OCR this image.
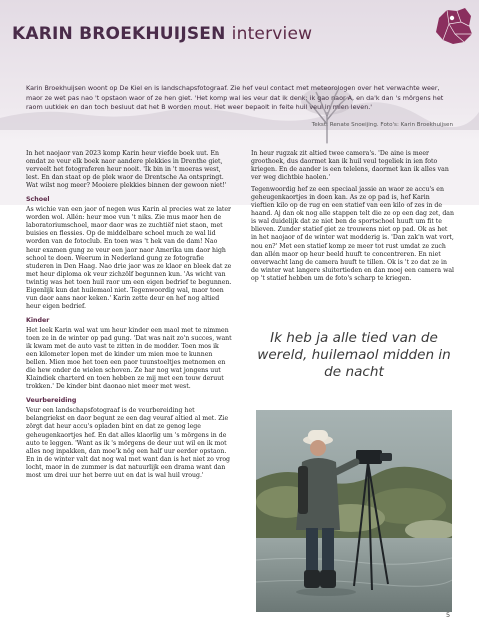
KARIN BROEKHUIJSEN interview
Karin Broekhuijsen woont op De Kiel en is landschapsfotograaf. Zie hef veul contact met meteorologen over het verwachte weer, maor ze wet pas nao 't opstaon waor of ze hen giet. 'Het komp wal ies veur dat ik denk: ik gao naor A, en da'k dan 's mörgens het raom uutkiek en dan toch besluut dat het B worden mout. Het weer bepaolt in feite huil veul in mien leven.'
Tekst: Renate Snoeijing. Foto's: Karin Broekhuijsen

In het naojaor van 2023 komp Karin heur viefde boek uut. En omdat ze veur elk boek naor aandere plekkies in Drenthe giet, verveelt het fotograferen heur nooit. 'Ik bin in 't moeras west, lest. En dan staat op de plek waor de Drentsche Aa ontspringt. Wat wilst nog meer? Mooiere plekkies binnen der gewoon niet!'

Schoel

As wichie van een jaor of negen wus Karin al precies wat ze later worden wol. Allén: heur moe vun 't niks. Zie mus maor hen de laboratoriumschoel, maor daor was ze zuchtiëf niet staon, met buisies en flessies. Op de middelbare schoel much ze wal lid worden van de fotoclub. En toen was 't hek van de dam! Nao heur examen gung ze veur een jaor naor Amerika um daor high school te doen. Weerum in Nederland gung ze fotografie studeren in Den Haag. Nao drie jaor was ze klaor en bleek dat ze met heur diploma ok veur zichzölf begunnen kun. 'As wicht van twintig was het toen huil raor um een eigen bedrief te begunnen. Eigenlijk kun dat huilemaol niet. Tegenwoordig wal, maor toen vun daor aans naor keken.' Karin zette deur en hef nog altied heur eigen bedrief.

Kinder

Het leek Karin wal wat um heur kinder een maol met te nimmen toen ze in de winter op pad gung. 'Dat was nait zo'n succes, want ik kwam met de auto vast te zitten in de modder. Toen mos ik een kilometer lopen met de kinder um mien moe te kunnen bellen. Mien moe het toen een paor tuunstoeltjes metnomen en die hew onder de wielen schoven. Ze har nog wat jongens uut Klaindiek charterd en toen hebben ze mij met een touw deruut trokken.' De kinder bint daonao niet meer met west.

Veurbereiding

Veur een landschapsfotograaf is de veurbereiding het belangriekst en daor begunt ze een dag veuraf altied al met. Zie zörgt dat heur accu's opladen bint en dat ze genog lege geheugenkaortjes hef. En dat alles klaorlig um 's mörgens in de auto te leggen. 'Want as ik 's mörgens de deur uut wil en ik mot alles nog inpakken, dan moe'k nög een half uur eerder opstaon. En in de winter valt dat nog wal met want dan is het niet zo vrog locht, maor in de zummer is dat natuurlijk een drama want dan most um drei uur het berre uut en dat is wal huil vroug.'

In heur rugzak zit altied twee camera's. 'De aine is meer groothoek, dus daormet kan ik huil veul tegeliek in ien foto kriegen. En de aander is een telelens, daormet kan ik alles van ver weg dichtbie haolen.'

Tegenwoordig hef ze een speciaal jassie an waor ze accu's en geheugenkaortjes in doen kan. As ze op pad is, hef Karin vieftien kilo op de rug en een statief van een kilo of zes in de haand. Aj dan ok nog alle stappen telt die ze op een dag zet, dan is wal duidelijk dat ze niet ben de sportschoel huuft um fit te blieven. Zunder statief giet ze trouwens niet op pad. Ok as het in het naojaor of de winter wat modderig is. 'Dan zak'n wat vort, nou en?' Met een statief komp ze meer tot rust umdat ze zuch dan allén maor op heur beeld huuft te concentreren. En niet onverwacht lang de camera huuft te tillen. Ok is 't zo dat ze in de winter wat langere sluitertieden en dan moej een camera wal op 't statief hebben um de foto's scharp te kriegen.

Ik heb ja alle tied van de wereld, huilemaol midden in de nacht
5
